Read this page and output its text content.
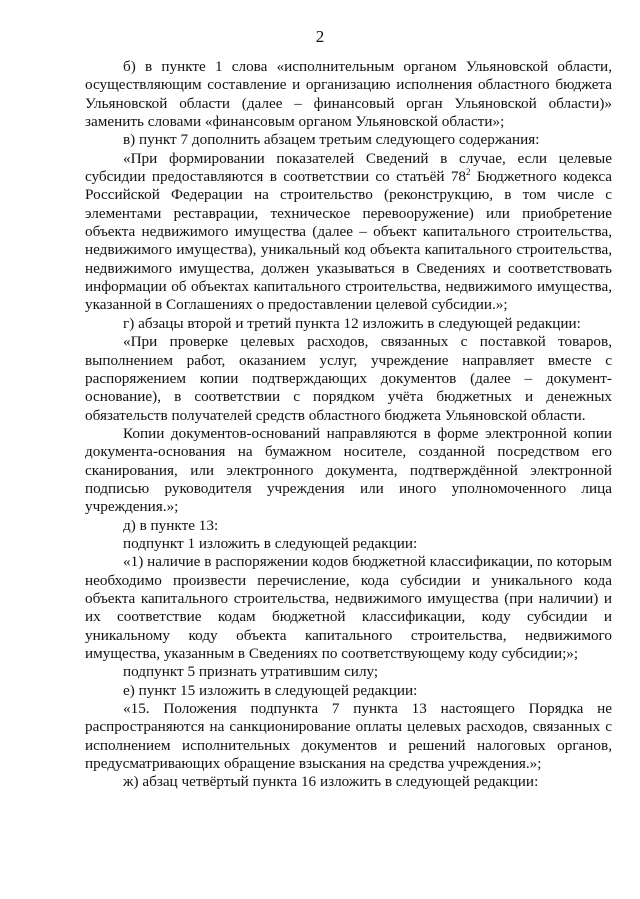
2

б) в пункте 1 слова «исполнительным органом Ульяновской области, осуществляющим составление и организацию исполнения областного бюджета Ульяновской области (далее – финансовый орган Ульяновской области)» заменить словами «финансовым органом Ульяновской области»;

в) пункт 7 дополнить абзацем третьим следующего содержания:

«При формировании показателей Сведений в случае, если целевые субсидии предоставляются в соответствии со статьёй $78^2$ Бюджетного кодекса Российской Федерации на строительство (реконструкцию, в том числе с элементами реставрации, техническое перевооружение) или приобретение объекта недвижимого имущества (далее – объект капитального строительства, недвижимого имущества), уникальный код объекта капитального строительства, недвижимого имущества, должен указываться в Сведениях и соответствовать информации об объектах капитального строительства, недвижимого имущества, указанной в Соглашениях о предоставлении целевой субсидии.»;

г) абзацы второй и третий пункта 12 изложить в следующей редакции:

«При проверке целевых расходов, связанных с поставкой товаров, выполнением работ, оказанием услуг, учреждение направляет вместе с распоряжением копии подтверждающих документов (далее – документ-основание), в соответствии с порядком учёта бюджетных и денежных обязательств получателей средств областного бюджета Ульяновской области.

Копии документов-оснований направляются в форме электронной копии документа-основания на бумажном носителе, созданной посредством его сканирования, или электронного документа, подтверждённой электронной подписью руководителя учреждения или иного уполномоченного лица учреждения.»;

д) в пункте 13:

подпункт 1 изложить в следующей редакции:

«1) наличие в распоряжении кодов бюджетной классификации, по которым необходимо произвести перечисление, кода субсидии и уникального кода объекта капитального строительства, недвижимого имущества (при наличии) и их соответствие кодам бюджетной классификации, коду субсидии и уникальному коду объекта капитального строительства, недвижимого имущества, указанным в Сведениях по соответствующему коду субсидии;»;

подпункт 5 признать утратившим силу;

е) пункт 15 изложить в следующей редакции:

«15. Положения подпункта 7 пункта 13 настоящего Порядка не распространяются на санкционирование оплаты целевых расходов, связанных с исполнением исполнительных документов и решений налоговых органов, предусматривающих обращение взыскания на средства учреждения.»;

ж) абзац четвёртый пункта 16 изложить в следующей редакции:
